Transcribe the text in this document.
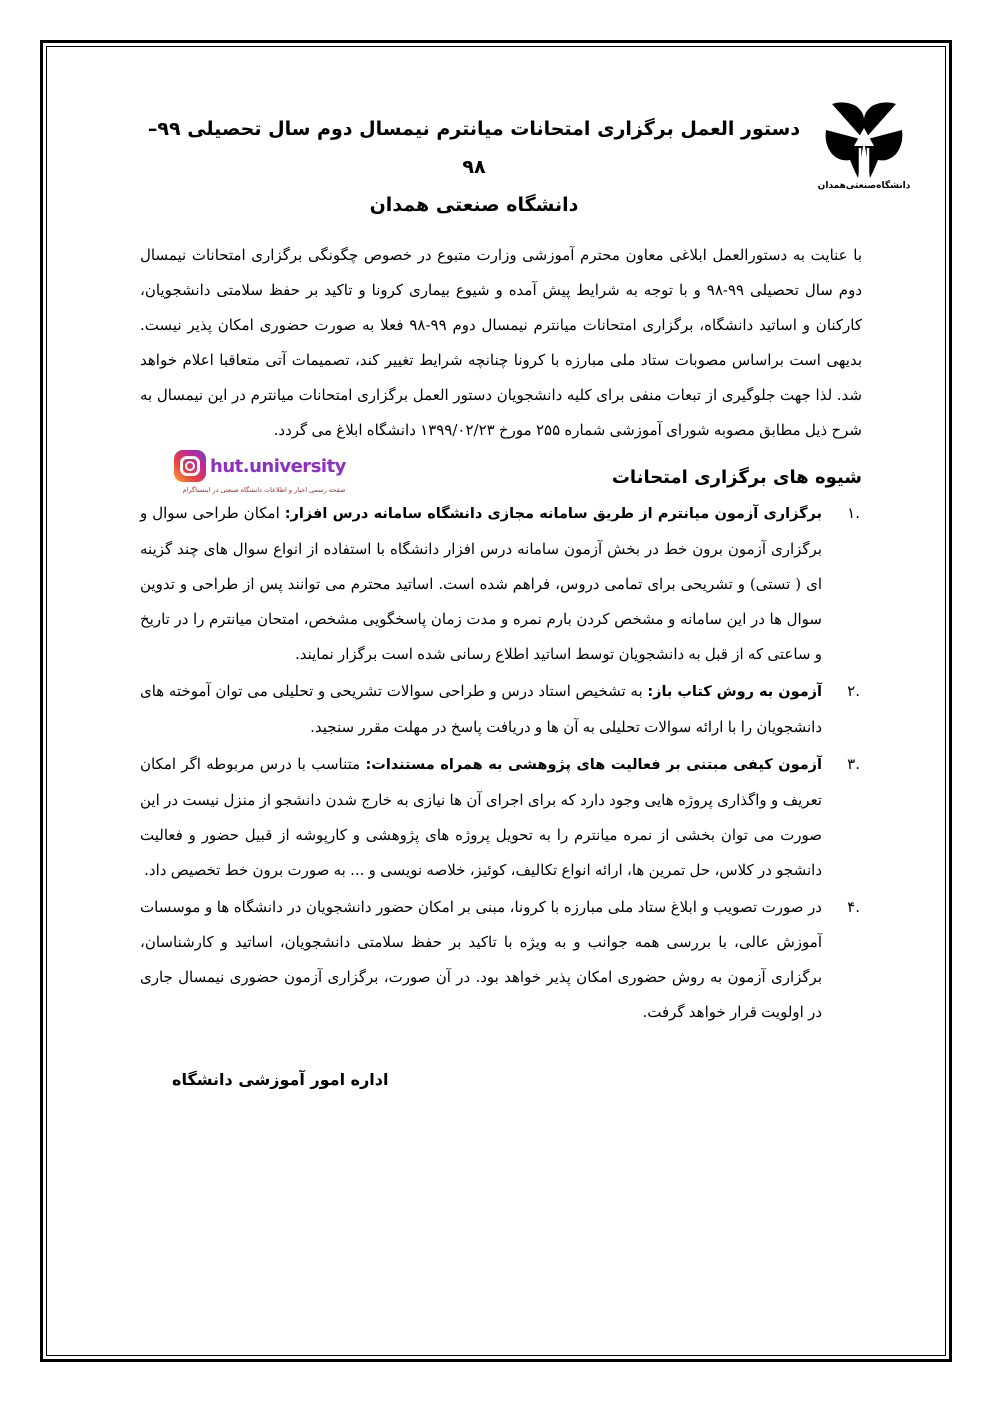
دانشگاه‌صنعتی‌همدان
دستور العمل برگزاری امتحانات میانترم نیمسال دوم سال تحصیلی ۹۹–۹۸
دانشگاه صنعتی همدان
با عنایت به دستورالعمل ابلاغی معاون محترم آموزشی وزارت متبوع در خصوص چگونگی برگزاری امتحانات نیمسال دوم سال تحصیلی ۹۹-۹۸ و با توجه به شرایط پیش آمده و شیوع بیماری کرونا و تاکید بر حفظ سلامتی دانشجویان، کارکنان و اساتید دانشگاه، برگزاری امتحانات میانترم نیمسال دوم ۹۹-۹۸ فعلا به صورت حضوری امکان پذیر نیست. بدیهی است براساس مصوبات ستاد ملی مبارزه با کرونا چنانچه شرایط تغییر کند، تصمیمات آتی متعاقبا اعلام خواهد شد. لذا جهت جلوگیری از تبعات منفی برای کلیه دانشجویان دستور العمل برگزاری امتحانات میانترم در این نیمسال به شرح ذیل مطابق مصوبه شورای آموزشی شماره ۲۵۵ مورخ ۱۳۹۹/۰۲/۲۳ دانشگاه ابلاغ می گردد.
شیوه های برگزاری امتحانات
hut.university
صفحه رسمی اخبار و اطلاعات دانشگاه صنعتی در اینستاگرام
۱.
برگزاری آزمون میانترم از طریق سامانه مجازی دانشگاه سامانه درس افزار: امکان طراحی سوال و برگزاری آزمون برون خط در بخش آزمون سامانه درس افزار دانشگاه با استفاده از انواع سوال های چند گزینه ای ( تستی) و تشریحی برای تمامی دروس، فراهم شده است. اساتید محترم می توانند پس از طراحی و تدوین سوال ها در این سامانه و مشخص کردن بارم نمره و مدت زمان پاسخگویی مشخص، امتحان میانترم را در تاریخ و ساعتی که از قبل به دانشجویان توسط اساتید اطلاع رسانی شده است برگزار نمایند.
۲.
آزمون به روش کتاب باز: به تشخیص استاد درس و طراحی سوالات تشریحی و تحلیلی می توان آموخته های دانشجویان را با ارائه سوالات تحلیلی به آن ها و دریافت پاسخ در مهلت مقرر سنجید.
۳.
آزمون کیفی مبتنی بر فعالیت های پژوهشی به همراه مستندات: متناسب با درس مربوطه اگر امکان تعریف و واگذاری پروژه هایی وجود دارد که برای اجرای آن ها نیازی به خارج شدن دانشجو از منزل نیست در این صورت می توان بخشی از نمره میانترم را به تحویل پروژه های پژوهشی و کارپوشه از قبیل حضور و فعالیت دانشجو در کلاس، حل تمرین ها، ارائه انواع تکالیف، کوئیز، خلاصه نویسی و ... به صورت برون خط تخصیص داد.
۴.
در صورت تصویب و ابلاغ ستاد ملی مبارزه با کرونا، مبنی بر امکان حضور دانشجویان در دانشگاه ها و موسسات آموزش عالی، با بررسی همه جوانب و به ویژه با تاکید بر حفظ سلامتی دانشجویان، اساتید و کارشناسان، برگزاری آزمون به روش حضوری امکان پذیر خواهد بود. در آن صورت، برگزاری آزمون حضوری نیمسال جاری در اولویت قرار خواهد گرفت.
اداره امور آموزشی دانشگاه
